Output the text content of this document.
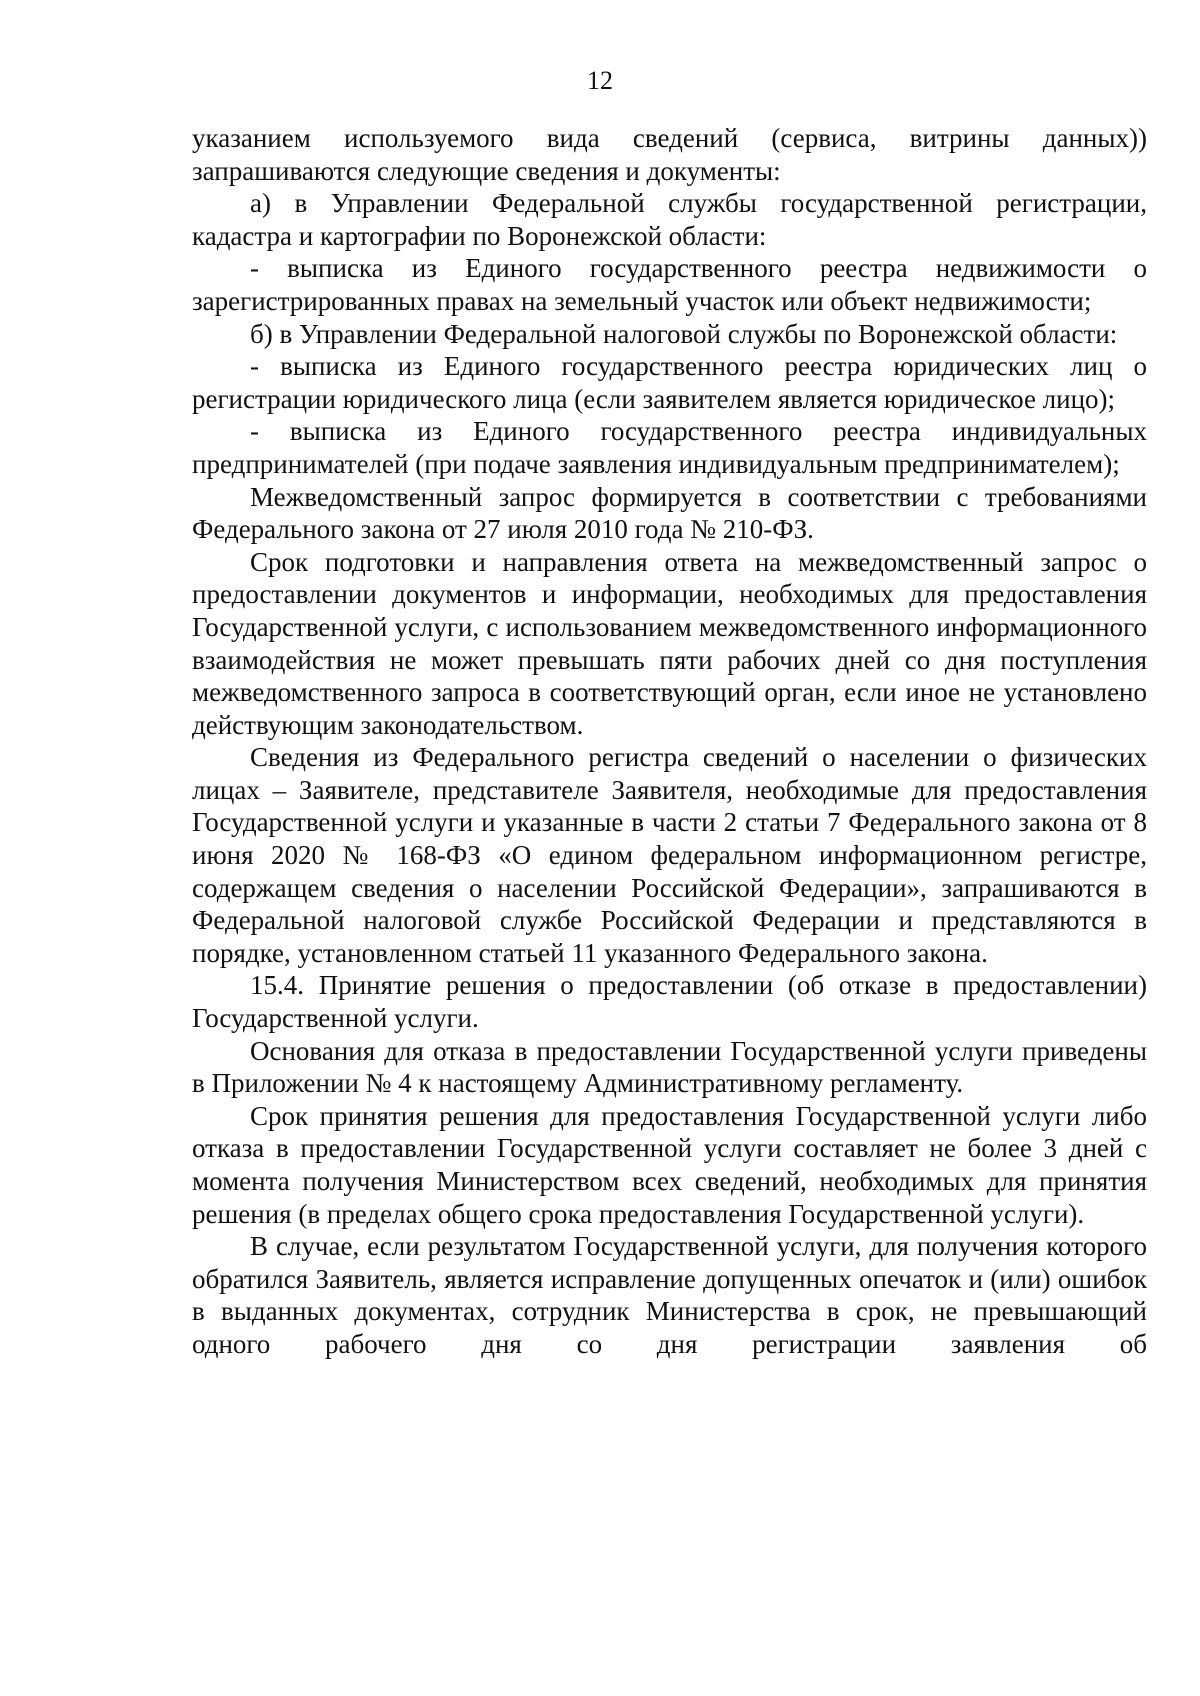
12

указанием используемого вида сведений (сервиса, витрины данных)) запрашиваются следующие сведения и документы:

а) в Управлении Федеральной службы государственной регистрации, кадастра и картографии по Воронежской области:

- выписка из Единого государственного реестра недвижимости о зарегистрированных правах на земельный участок или объект недвижимости;

б) в Управлении Федеральной налоговой службы по Воронежской области:

- выписка из Единого государственного реестра юридических лиц о регистрации юридического лица (если заявителем является юридическое лицо);

- выписка из Единого государственного реестра индивидуальных предпринимателей (при подаче заявления индивидуальным предпринимателем);

Межведомственный запрос формируется в соответствии с требованиями Федерального закона от 27 июля 2010 года № 210-ФЗ.

Срок подготовки и направления ответа на межведомственный запрос о предоставлении документов и информации, необходимых для предоставления Государственной услуги, с использованием межведомственного информационного взаимодействия не может превышать пяти рабочих дней со дня поступления межведомственного запроса в соответствующий орган, если иное не установлено действующим законодательством.

Сведения из Федерального регистра сведений о населении о физических лицах – Заявителе, представителе Заявителя, необходимые для предоставления Государственной услуги и указанные в части 2 статьи 7 Федерального закона от 8 июня 2020 № 168-ФЗ «О едином федеральном информационном регистре, содержащем сведения о населении Российской Федерации», запрашиваются в Федеральной налоговой службе Российской Федерации и представляются в порядке, установленном статьей 11 указанного Федерального закона.

15.4. Принятие решения о предоставлении (об отказе в предоставлении) Государственной услуги.

Основания для отказа в предоставлении Государственной услуги приведены в Приложении № 4 к настоящему Административному регламенту.

Срок принятия решения для предоставления Государственной услуги либо отказа в предоставлении Государственной услуги составляет не более 3 дней с момента получения Министерством всех сведений, необходимых для принятия решения (в пределах общего срока предоставления Государственной услуги).

В случае, если результатом Государственной услуги, для получения которого обратился Заявитель, является исправление допущенных опечаток и (или) ошибок в выданных документах, сотрудник Министерства в срок, не превышающий одного рабочего дня со дня регистрации заявления об
